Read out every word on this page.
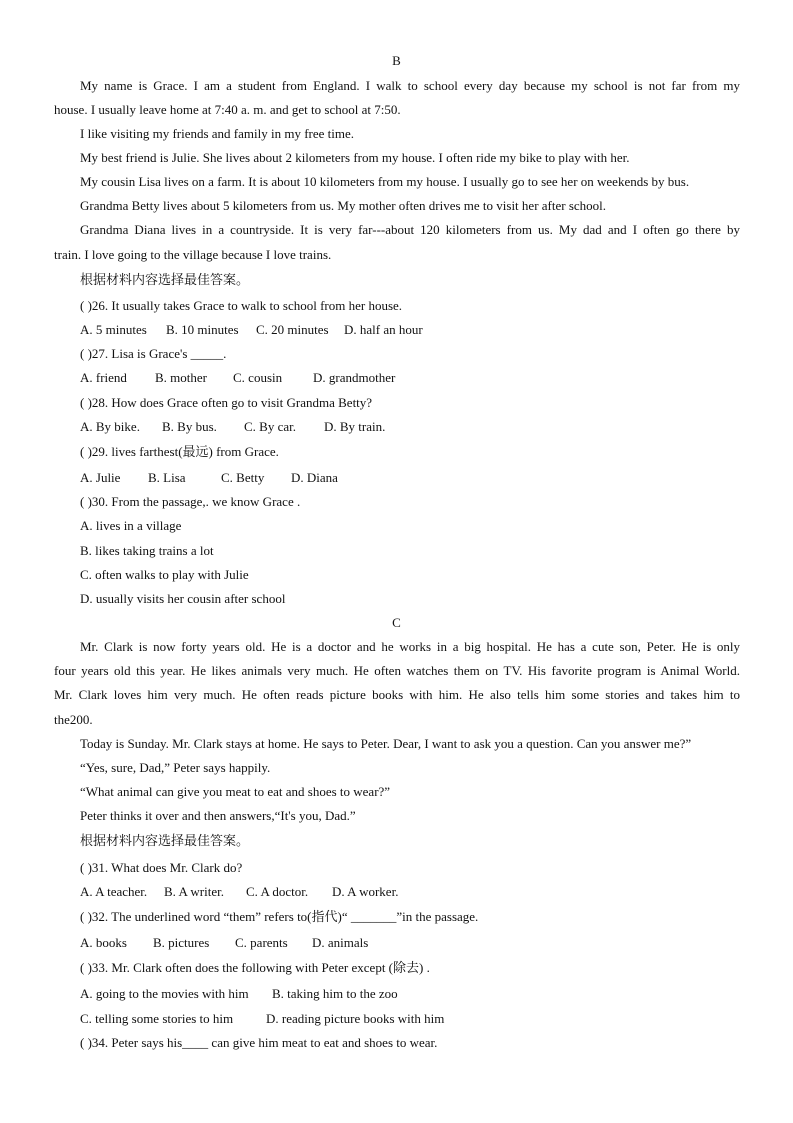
B
My name is Grace. I am a student from England. I walk to school every day because my school is not far from my
house. I usually leave home at 7:40 a. m. and get to school at 7:50.
I like visiting my friends and family in my free time.
My best friend is Julie. She lives about 2 kilometers from my house. I often ride my bike to play with her.
My cousin Lisa lives on a farm. It is about 10 kilometers from my house. I usually go to see her on weekends by bus.
Grandma Betty lives about 5 kilometers from us. My mother often drives me to visit her after school.
Grandma Diana lives in a countryside. It is very far---about 120 kilometers from us. My dad and I often go there by
train. I love going to the village because I love trains.
根据材料内容选择最佳答案。
( )26. It usually takes Grace to walk to school from her house.
A. 5 minutes B. 10 minutes C. 20 minutes D. half an hour
( )27. Lisa is Grace's _____.
A. friend B. mother C. cousin D. grandmother
( )28. How does Grace often go to visit Grandma Betty?
A. By bike. B. By bus. C. By car. D. By train.
( )29. lives farthest(最远) from Grace.
A. Julie B. Lisa	C. Betty D. Diana
( )30. From the passage,. we know Grace .
A. lives in a village
B. likes taking trains a lot
C. often walks to play with Julie
D. usually visits her cousin after school
C
Mr. Clark is now forty years old. He is a doctor and he works in a big hospital. He has a cute son, Peter. He is only
four years old this year. He likes animals very much. He often watches them on TV. His favorite program is Animal World.
Mr. Clark loves him very much. He often reads picture books with him. He also tells him some stories and takes him to
the200.
Today is Sunday. Mr. Clark stays at home. He says to Peter. Dear, I want to ask you a question. Can you answer me?”
“Yes, sure, Dad,” Peter says happily.
“What animal can give you meat to eat and shoes to wear?”
Peter thinks it over and then answers,“It's you, Dad.”
根据材料内容选择最佳答案。
( )31. What does Mr. Clark do?
A. A teacher. B. A writer. C. A doctor. D. A worker.
( )32. The underlined word “them” refers to(指代)“ _______”in the passage.
A. books B. pictures C. parents D. animals
( )33. Mr. Clark often does the following with Peter except (除去) .
A. going to the movies with him B. taking him to the zoo
C. telling some stories to him	D. reading picture books with him
( )34. Peter says his____ can give him meat to eat and shoes to wear.
